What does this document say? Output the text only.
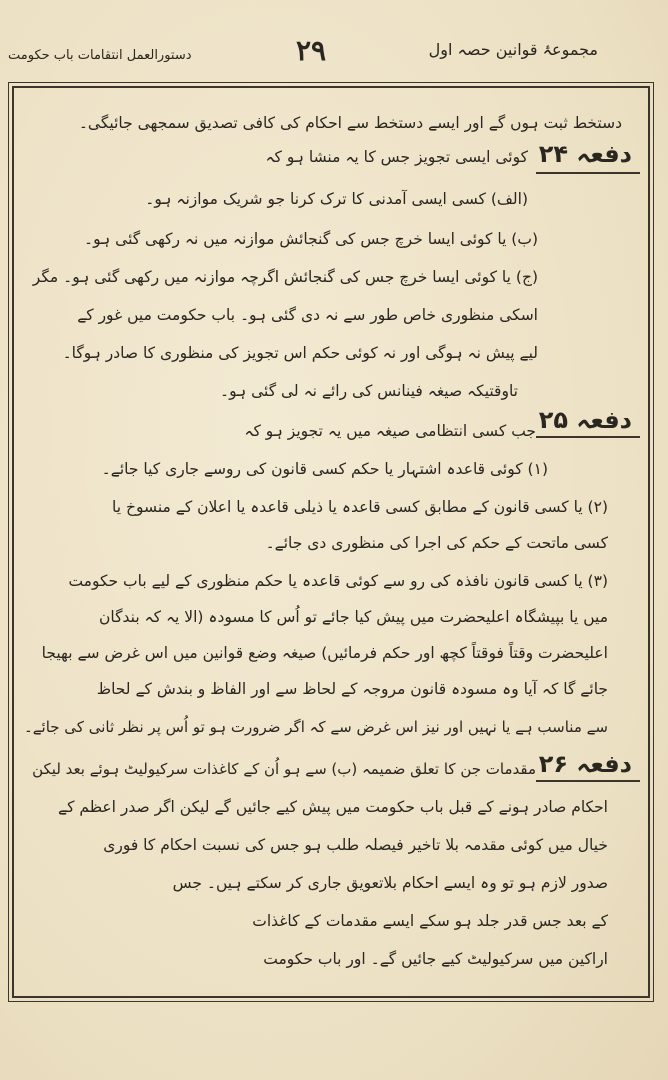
دستورالعمل انتقامات باب حکومت	۲۹	مجموعۂ قوانین حصہ اول
دفعہ ۲۴
دستخط ثبت ہوں گے اور ایسے دستخط سے احکام کی کافی تصدیق سمجھی جائیگی۔
کوئی ایسی تجویز جس کا یہ منشا ہو کہ
(الف) کسی ایسی آمدنی کا ترک کرنا جو شریک موازنہ ہو۔
(ب) یا کوئی ایسا خرچ جس کی گنجائش موازنہ میں نہ رکھی گئی ہو۔
(ج) یا کوئی ایسا خرچ جس کی گنجائش اگرچہ موازنہ میں رکھی گئی ہو۔ مگر
اسکی منظوری خاص طور سے نہ دی گئی ہو۔ باب حکومت میں غور کے
لیے پیش نہ ہوگی اور نہ کوئی حکم اس تجویز کی منظوری کا صادر ہوگا۔
تاوقتیکہ صیغہ فینانس کی رائے نہ لی گئی ہو۔
دفعہ ۲۵
جب کسی انتظامی صیغہ میں یہ تجویز ہو کہ
(۱) کوئی قاعدہ اشتہار یا حکم کسی قانون کی روسے جاری کیا جائے۔
(۲) یا کسی قانون کے مطابق کسی قاعدہ یا ذیلی قاعدہ یا اعلان کے منسوخ یا
کسی ماتحت کے حکم کی اجرا کی منظوری دی جائے۔
(۳) یا کسی قانون نافذہ کی رو سے کوئی قاعدہ یا حکم منظوری کے لیے باب حکومت
میں یا بپیشگاہ اعلیحضرت میں پیش کیا جائے تو اُس کا مسودہ (الا یہ کہ بندگان
اعلیحضرت وقتاً فوقتاً کچھ اور حکم فرمائیں) صیغہ وضع قوانین میں اس غرض سے بھیجا
جائے گا کہ آیا وہ مسودہ قانون مروجہ کے لحاظ سے اور الفاظ و بندش کے لحاظ
سے مناسب ہے یا نہیں اور نیز اس غرض سے کہ اگر ضرورت ہو تو اُس پر نظر ثانی کی جائے۔
دفعہ ۲۶
مقدمات جن کا تعلق ضمیمہ (ب) سے ہو اُن کے کاغذات سرکیولیٹ ہوئے بعد لیکن
احکام صادر ہونے کے قبل باب حکومت میں پیش کیے جائیں گے لیکن اگر صدر اعظم کے
خیال میں کوئی مقدمہ بلا تاخیر فیصلہ طلب ہو جس کی نسبت احکام کا فوری
صدور لازم ہو تو وہ ایسے احکام بلاتعویق جاری کر سکتے ہیں۔ جس
کے بعد جس قدر جلد ہو سکے ایسے مقدمات کے کاغذات
اراکین میں سرکیولیٹ کیے جائیں گے۔ اور باب حکومت
